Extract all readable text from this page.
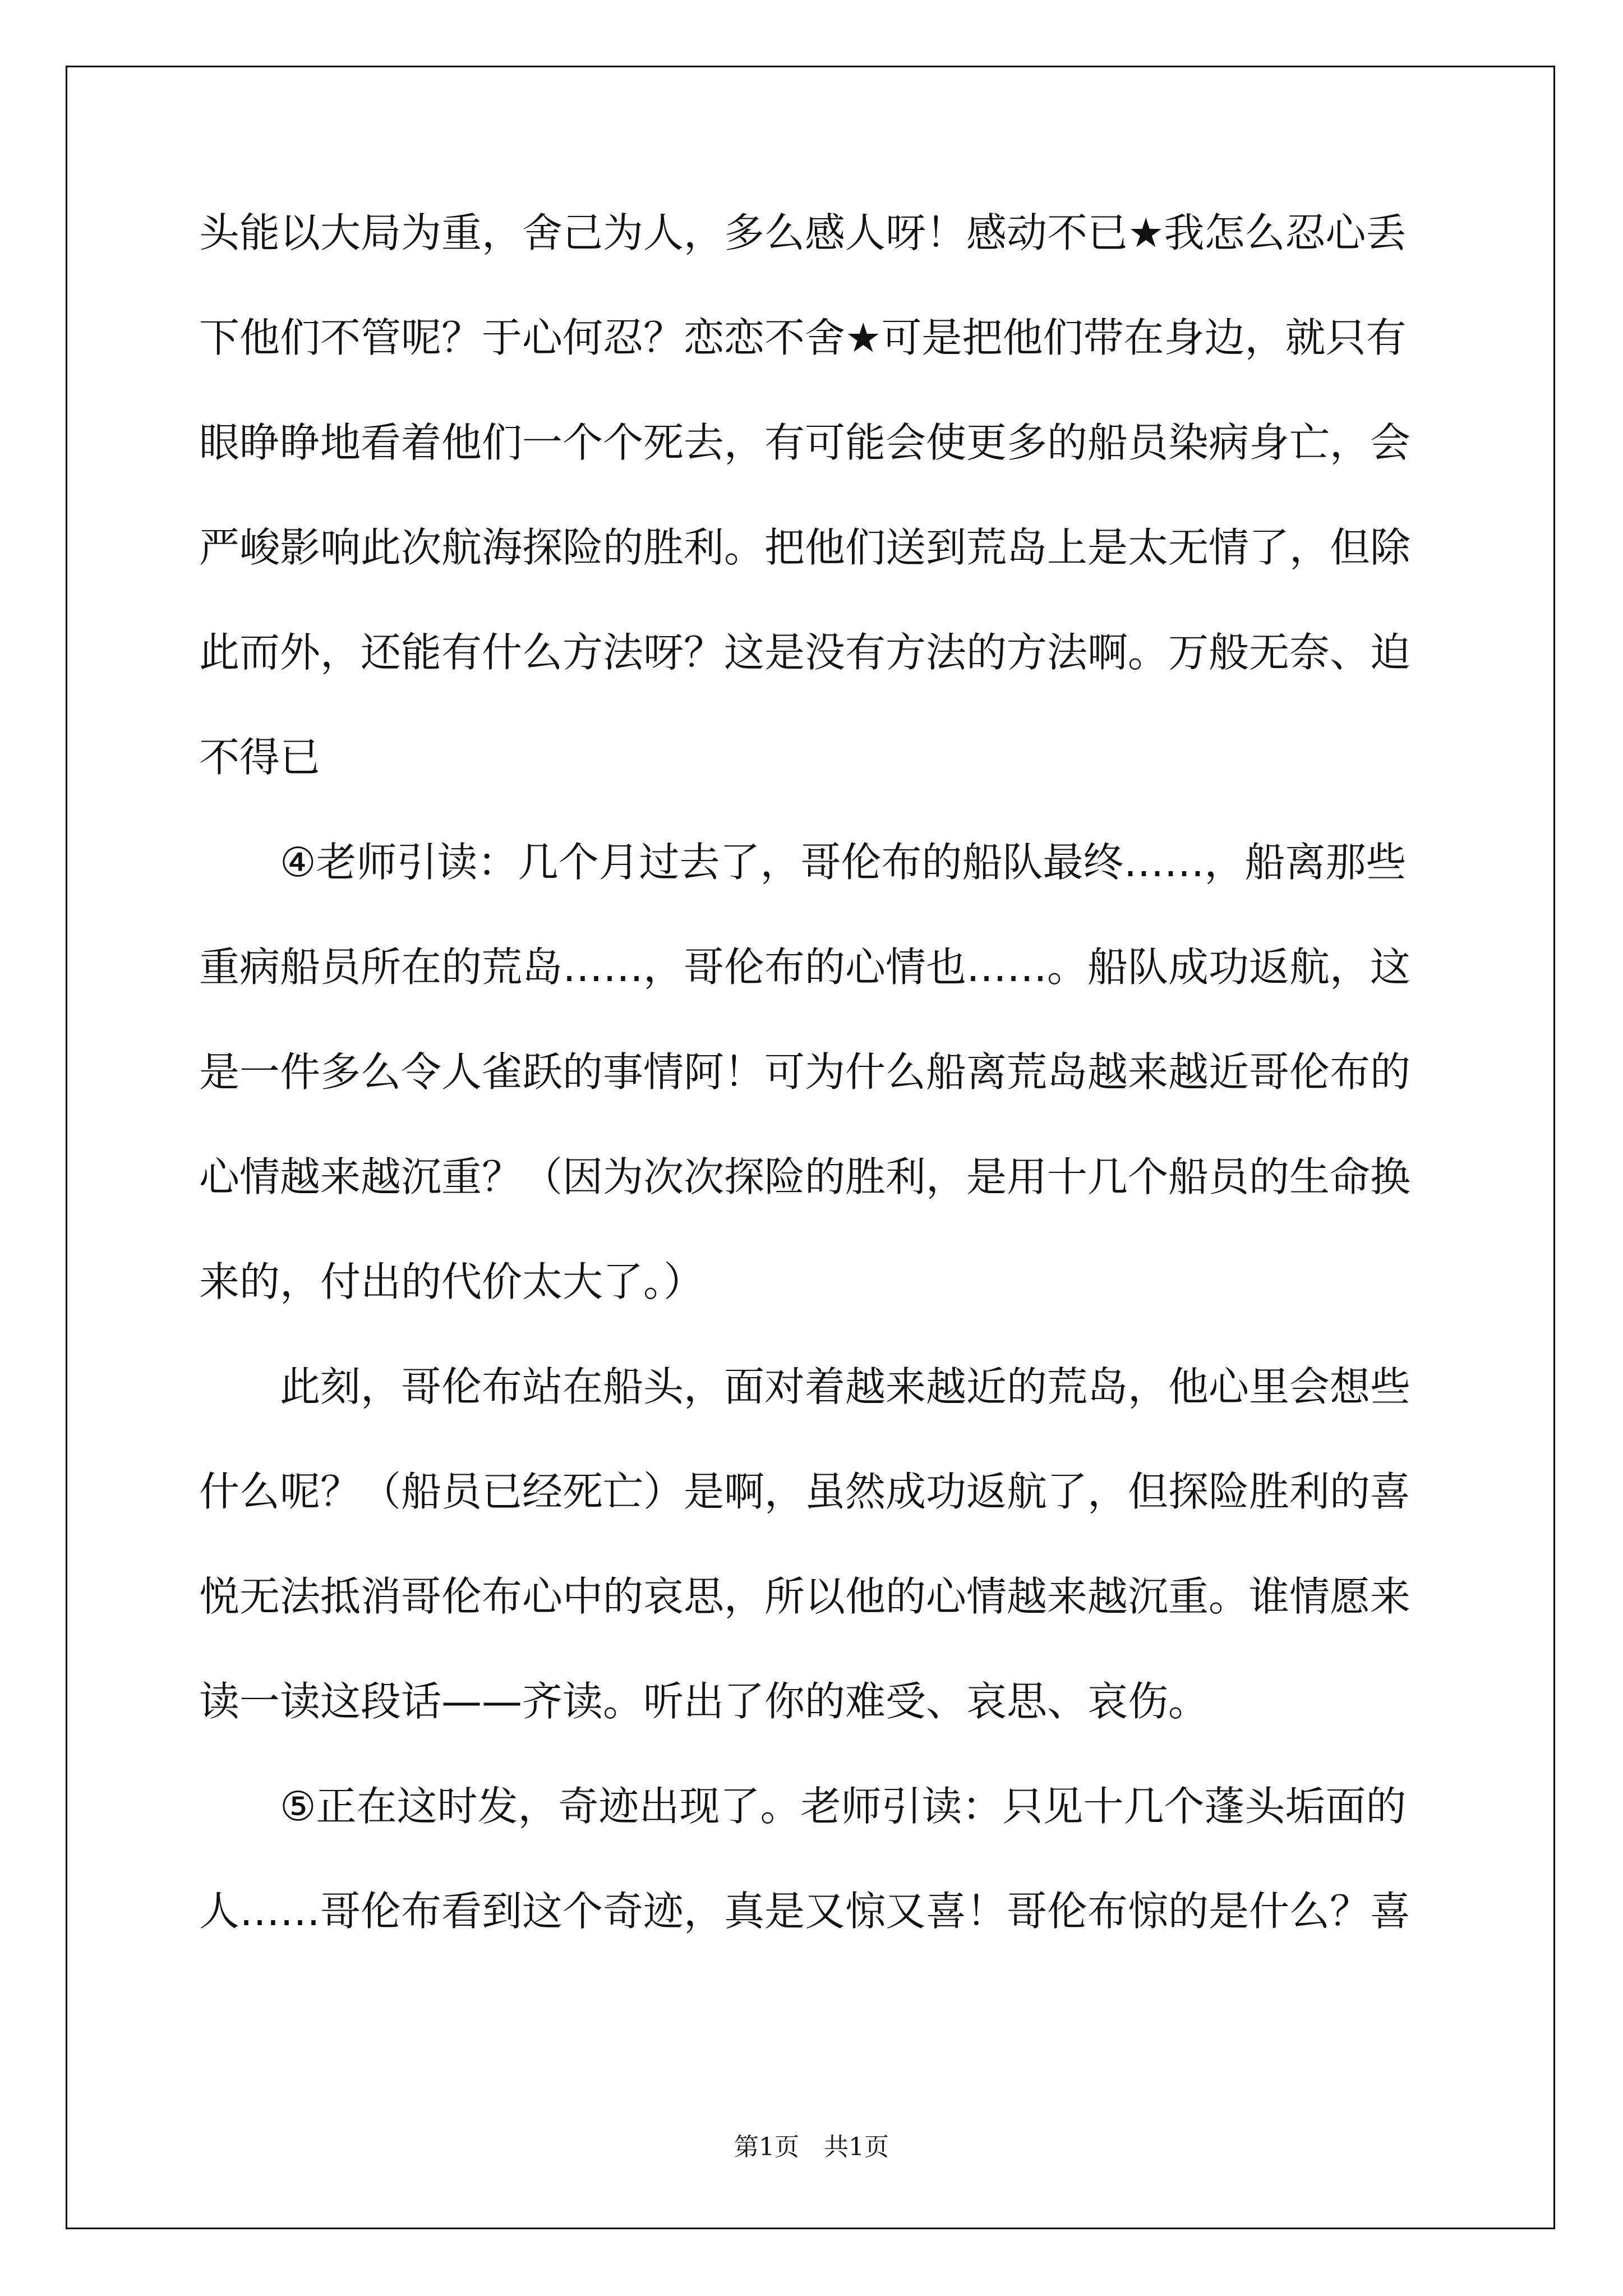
头能以大局为重，舍己为人，多么感人呀！感动不已★我怎么忍心丢
下他们不管呢？于心何忍？恋恋不舍★可是把他们带在身边，就只有
眼睁睁地看着他们一个个死去，有可能会使更多的船员染病身亡，会
严峻影响此次航海探险的胜利。把他们送到荒岛上是太无情了，但除
此而外，还能有什么方法呀？这是没有方法的方法啊。万般无奈、迫
不得已
④老师引读：几个月过去了，哥伦布的船队最终……，船离那些
重病船员所在的荒岛……，哥伦布的心情也……。船队成功返航，这
是一件多么令人雀跃的事情阿！可为什么船离荒岛越来越近哥伦布的
心情越来越沉重？（因为次次探险的胜利，是用十几个船员的生命换
来的，付出的代价太大了。）
此刻，哥伦布站在船头，面对着越来越近的荒岛，他心里会想些
什么呢？（船员已经死亡）是啊，虽然成功返航了，但探险胜利的喜
悦无法抵消哥伦布心中的哀思，所以他的心情越来越沉重。谁情愿来
读一读这段话——齐读。听出了你的难受、哀思、哀伤。
⑤正在这时发，奇迹出现了。老师引读：只见十几个蓬头垢面的
人……哥伦布看到这个奇迹，真是又惊又喜！哥伦布惊的是什么？喜
第1页　共1页
